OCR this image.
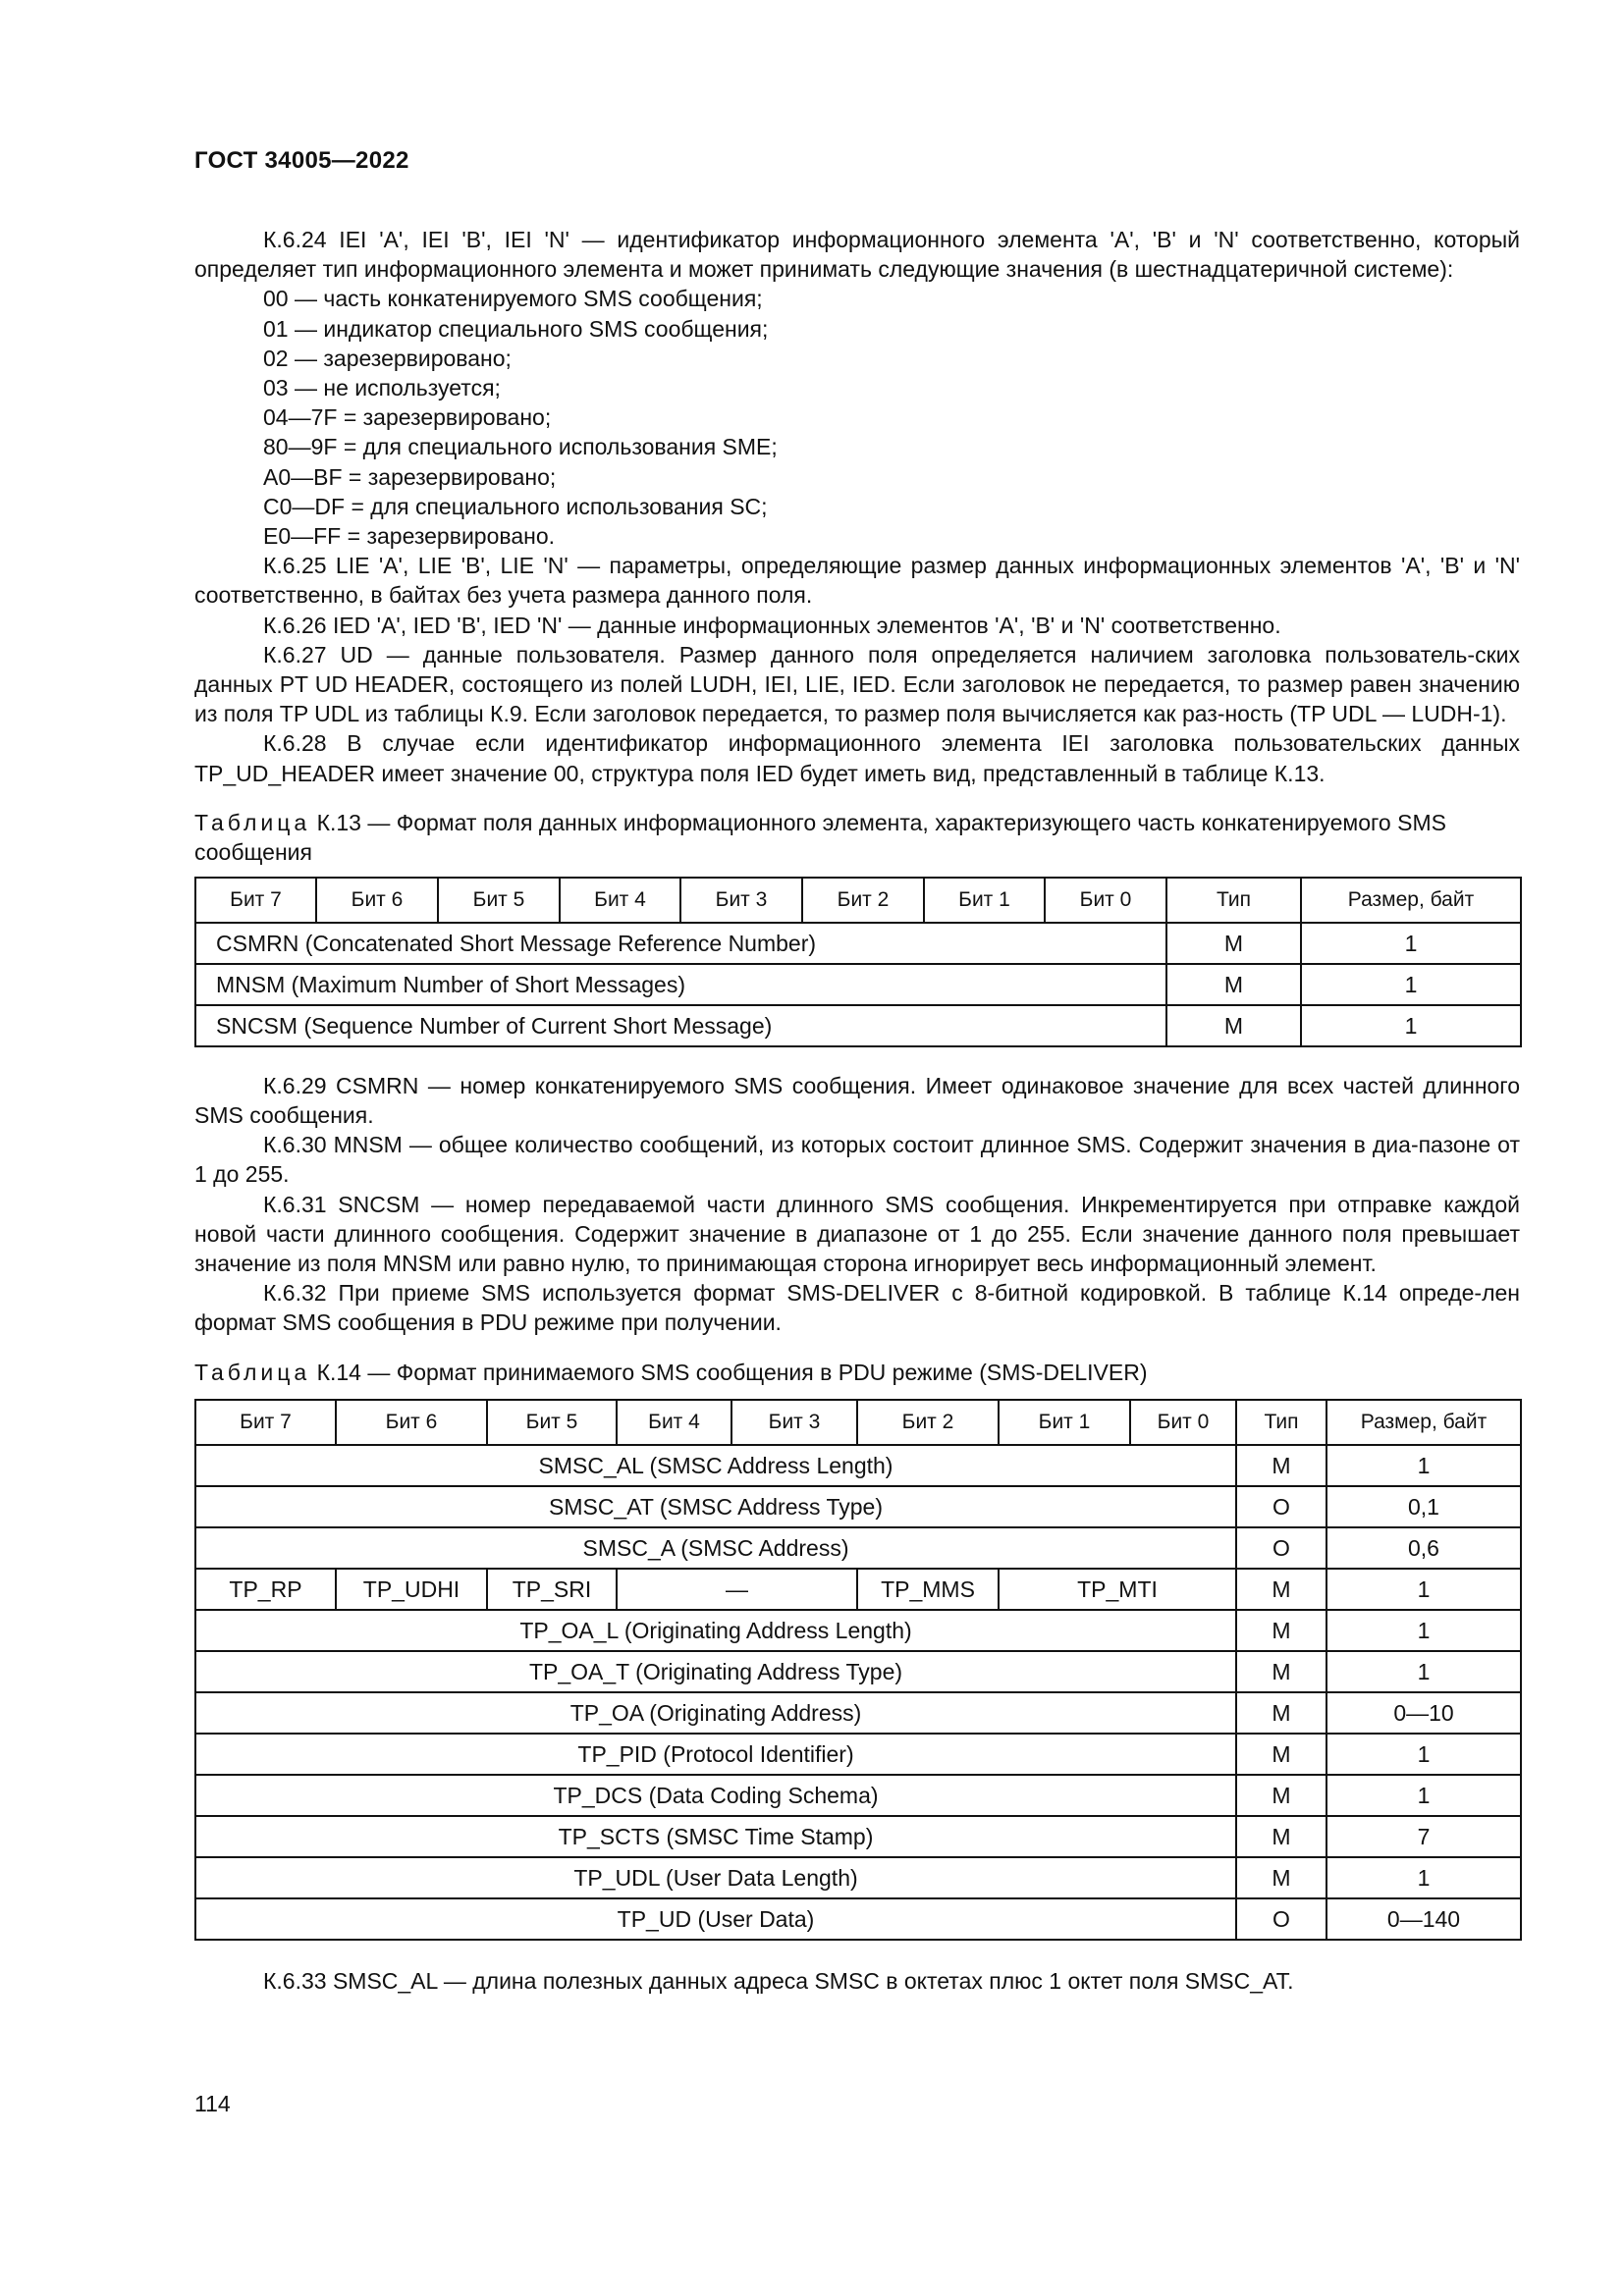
ГОСТ 34005—2022

К.6.24 IEI 'A', IEI 'B', IEI 'N' — идентификатор информационного элемента 'A', 'B' и 'N' соответственно, который определяет тип информационного элемента и может принимать следующие значения (в шестнадцатеричной системе):

00 — часть конкатенируемого SMS сообщения;

01 — индикатор специального SMS сообщения;

02 — зарезервировано;

03 — не используется;

04—7F = зарезервировано;

80—9F = для специального использования SME;

A0—BF = зарезервировано;

C0—DF = для специального использования SC;

E0—FF = зарезервировано.

К.6.25 LIE 'A', LIE 'B', LIE 'N' — параметры, определяющие размер данных информационных элементов 'A', 'B' и 'N' соответственно, в байтах без учета размера данного поля.

К.6.26 IED 'A', IED 'B', IED 'N' — данные информационных элементов 'A', 'B' и 'N' соответственно.

К.6.27 UD — данные пользователя. Размер данного поля определяется наличием заголовка пользователь-ских данных PT UD HEADER, состоящего из полей LUDH, IEI, LIE, IED. Если заголовок не передается, то размер равен значению из поля TP UDL из таблицы К.9. Если заголовок передается, то размер поля вычисляется как раз-ность (TP UDL — LUDH-1).

К.6.28 В случае если идентификатор информационного элемента IEI заголовка пользовательских данных TP_UD_HEADER имеет значение 00, структура поля IED будет иметь вид, представленный в таблице К.13.

Таблица К.13 — Формат поля данных информационного элемента, характеризующего часть конкатенируемого SMS сообщения

Бит 7	Бит 6	Бит 5	Бит 4	Бит 3	Бит 2	Бит 1	Бит 0	Тип	Размер, байт
CSMRN (Concatenated Short Message Reference Number)								M	1
MNSM (Maximum Number of Short Messages)								M	1
SNCSM (Sequence Number of Current Short Message)								M	1

К.6.29 CSMRN — номер конкатенируемого SMS сообщения. Имеет одинаковое значение для всех частей длинного SMS сообщения.

К.6.30 MNSM — общее количество сообщений, из которых состоит длинное SMS. Содержит значения в диа-пазоне от 1 до 255.

К.6.31 SNCSM — номер передаваемой части длинного SMS сообщения. Инкрементируется при отправке каждой новой части длинного сообщения. Содержит значение в диапазоне от 1 до 255. Если значение данного поля превышает значение из поля MNSM или равно нулю, то принимающая сторона игнорирует весь информационный элемент.

К.6.32 При приеме SMS используется формат SMS-DELIVER с 8-битной кодировкой. В таблице К.14 опреде-лен формат SMS сообщения в PDU режиме при получении.

Таблица К.14 — Формат принимаемого SMS сообщения в PDU режиме (SMS-DELIVER)

Бит 7	Бит 6	Бит 5	Бит 4	Бит 3	Бит 2	Бит 1	Бит 0	Тип	Размер, байт
SMSC_AL (SMSC Address Length)								M	1
SMSC_AT (SMSC Address Type)								O	0,1
SMSC_A (SMSC Address)								O	0,6
TP_RP	TP_UDHI	TP_SRI	—		TP_MMS	TP_MTI		M	1
TP_OA_L (Originating Address Length)								M	1
TP_OA_T (Originating Address Type)								M	1
TP_OA (Originating Address)								M	0—10
TP_PID (Protocol Identifier)								M	1
TP_DCS (Data Coding Schema)								M	1
TP_SCTS (SMSC Time Stamp)								M	7
TP_UDL (User Data Length)								M	1
TP_UD (User Data)								O	0—140

К.6.33 SMSC_AL — длина полезных данных адреса SMSC в октетах плюс 1 октет поля SMSC_AT.

114
